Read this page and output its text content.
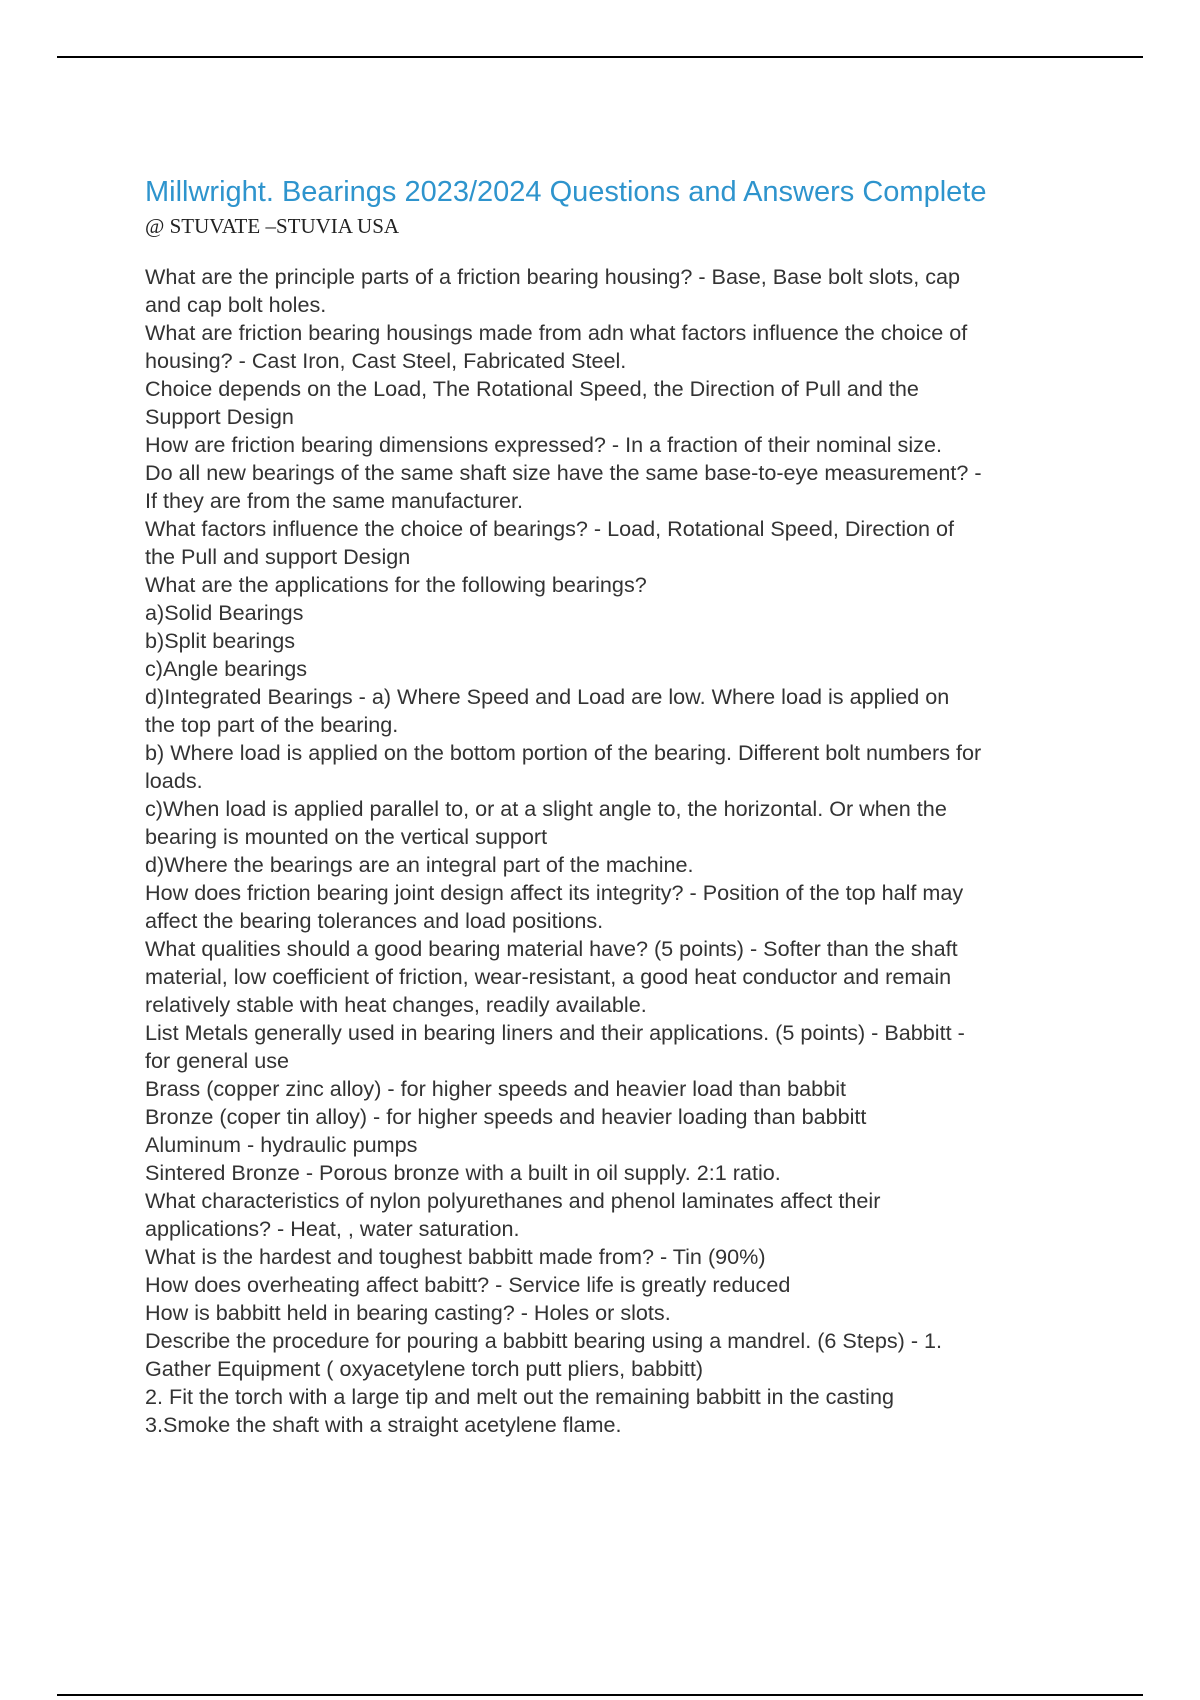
Millwright. Bearings 2023/2024 Questions and Answers Complete
@ STUVATE –STUVIA USA
What are the principle parts of a friction bearing housing? - Base, Base bolt slots, cap
and cap bolt holes.
What are friction bearing housings made from adn what factors influence the choice of
housing? - Cast Iron, Cast Steel, Fabricated Steel.
Choice depends on the Load, The Rotational Speed, the Direction of Pull and the
Support Design
How are friction bearing dimensions expressed? - In a fraction of their nominal size.
Do all new bearings of the same shaft size have the same base-to-eye measurement? -
If they are from the same manufacturer.
What factors influence the choice of bearings? - Load, Rotational Speed, Direction of
the Pull and support Design
What are the applications for the following bearings?
a)Solid Bearings
b)Split bearings
c)Angle bearings
d)Integrated Bearings - a) Where Speed and Load are low. Where load is applied on
the top part of the bearing.
b) Where load is applied on the bottom portion of the bearing. Different bolt numbers for
loads.
c)When load is applied parallel to, or at a slight angle to, the horizontal. Or when the
bearing is mounted on the vertical support
d)Where the bearings are an integral part of the machine.
How does friction bearing joint design affect its integrity? - Position of the top half may
affect the bearing tolerances and load positions.
What qualities should a good bearing material have? (5 points) - Softer than the shaft
material, low coefficient of friction, wear-resistant, a good heat conductor and remain
relatively stable with heat changes, readily available.
List Metals generally used in bearing liners and their applications. (5 points) - Babbitt -
for general use
Brass (copper zinc alloy) - for higher speeds and heavier load than babbit
Bronze (coper tin alloy) - for higher speeds and heavier loading than babbitt
Aluminum - hydraulic pumps
Sintered Bronze - Porous bronze with a built in oil supply. 2:1 ratio.
What characteristics of nylon polyurethanes and phenol laminates affect their
applications? - Heat, , water saturation.
What is the hardest and toughest babbitt made from? - Tin (90%)
How does overheating affect babitt? - Service life is greatly reduced
How is babbitt held in bearing casting? - Holes or slots.
Describe the procedure for pouring a babbitt bearing using a mandrel. (6 Steps) - 1.
Gather Equipment ( oxyacetylene torch putt pliers, babbitt)
2. Fit the torch with a large tip and melt out the remaining babbitt in the casting
3.Smoke the shaft with a straight acetylene flame.
